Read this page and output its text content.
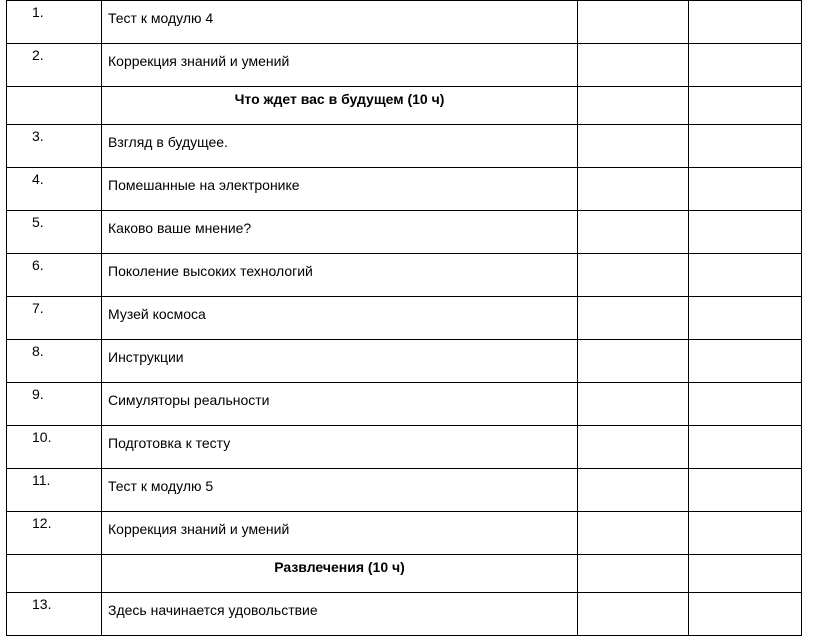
1.	Тест к модулю 4		
2.	Коррекция знаний и умений		
	Что ждет вас в будущем (10 ч)		
3.	Взгляд в будущее.		
4.	Помешанные на электронике		
5.	Каково ваше мнение?		
6.	Поколение высоких технологий		
7.	Музей космоса		
8.	Инструкции		
9.	Симуляторы реальности		
10.	Подготовка к тесту		
11.	Тест к модулю 5		
12.	Коррекция знаний и умений		
	Развлечения (10 ч)		
13.	Здесь начинается удовольствие		
